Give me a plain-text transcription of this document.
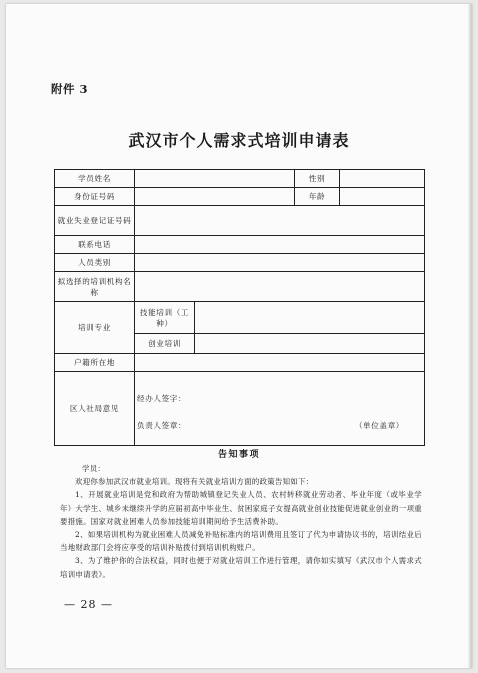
附件 3
武汉市个人需求式培训申请表
学员姓名			性别	
身份证号码			年龄	
就业失业登记证号码				
联系电话				
人员类别				
拟选择的培训机构名称				
培训专业	技能培训（工种）			
	创业培训			
户籍所在地				
区人社局意见	经办人签字：
负责人签章： （单位盖章）			
告知事项

学员：

欢迎你参加武汉市就业培训。现将有关就业培训方面的政策告知如下：

1、开展就业培训是党和政府为帮助城镇登记失业人员、农村转移就业劳动者、毕业年度（或毕业学年）大学生、城乡未继续升学的应届初高中毕业生、贫困家庭子女提高就业创业技能促进就业创业的一项重要措施。国家对就业困难人员参加技能培训期间给予生活费补助。

2、如果培训机构为就业困难人员减免补贴标准内的培训费用且签订了代为申请协议书的，培训结业后当地财政部门会将应享受的培训补贴拨付到培训机构账户。

3、为了维护你的合法权益，同时也便于对就业培训工作进行管理，请你如实填写《武汉市个人需求式培训申请表》。

— 28 —
